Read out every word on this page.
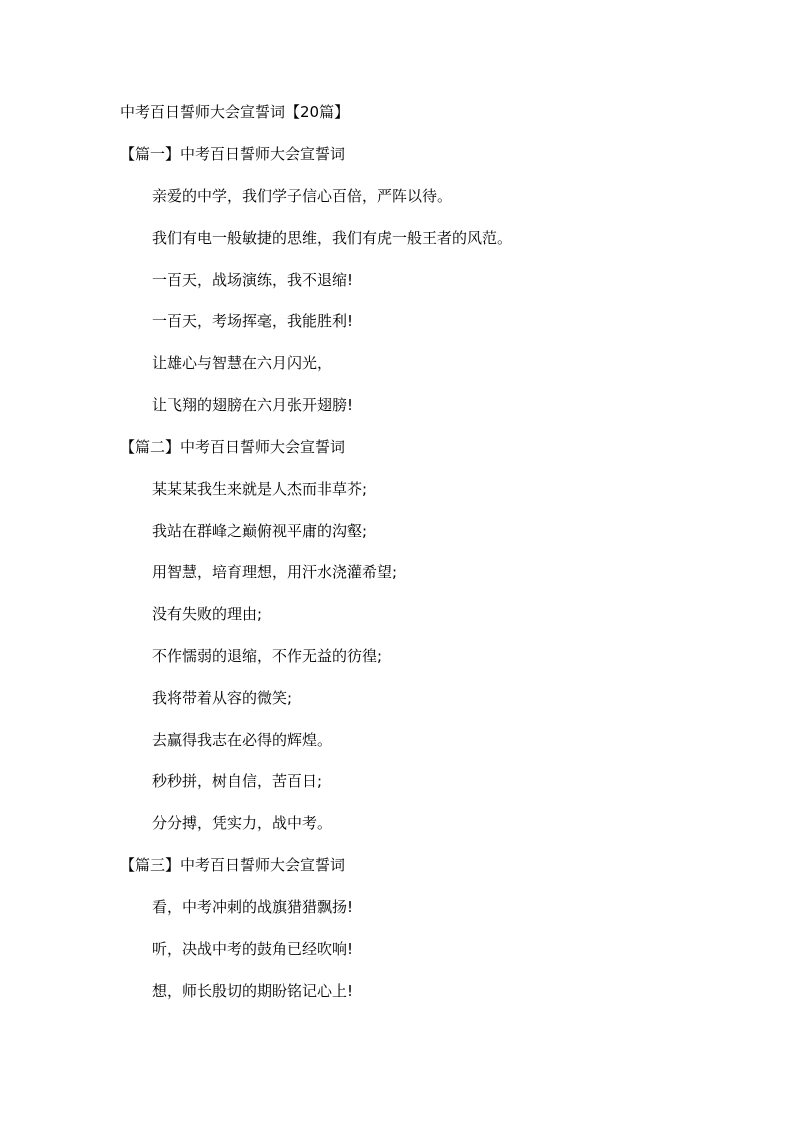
中考百日誓师大会宣誓词【20篇】
【篇一】中考百日誓师大会宣誓词
亲爱的中学，我们学子信心百倍，严阵以待。
我们有电一般敏捷的思维，我们有虎一般王者的风范。
一百天，战场演练，我不退缩!
一百天，考场挥毫，我能胜利!
让雄心与智慧在六月闪光，
让飞翔的翅膀在六月张开翅膀!
【篇二】中考百日誓师大会宣誓词
某某某我生来就是人杰而非草芥;
我站在群峰之巅俯视平庸的沟壑;
用智慧，培育理想，用汗水浇灌希望;
没有失败的理由;
不作懦弱的退缩，不作无益的彷徨;
我将带着从容的微笑;
去赢得我志在必得的辉煌。
秒秒拼，树自信，苦百日;
分分搏，凭实力，战中考。
【篇三】中考百日誓师大会宣誓词
看，中考冲刺的战旗猎猎飘扬!
听，决战中考的鼓角已经吹响!
想，师长殷切的期盼铭记心上!
